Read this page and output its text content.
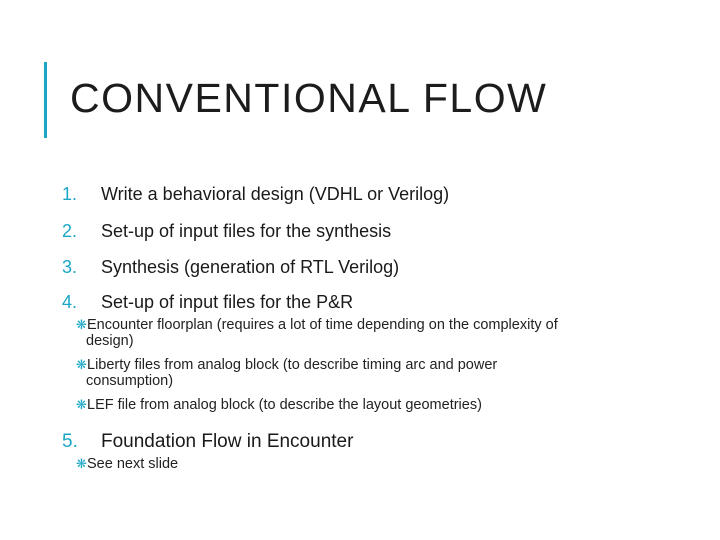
CONVENTIONAL FLOW
1.	Write a behavioral design (VDHL or Verilog)
2.	Set-up of input files for the synthesis
3.	Synthesis (generation of RTL Verilog)
4.	Set-up of input files for the P&R
❋Encounter floorplan (requires a lot of time depending on the complexity of
design)
❋Liberty files from analog block (to describe timing arc and power
consumption)
❋LEF file from analog block (to describe the layout geometries)
5.	Foundation Flow in Encounter
❋See next slide
